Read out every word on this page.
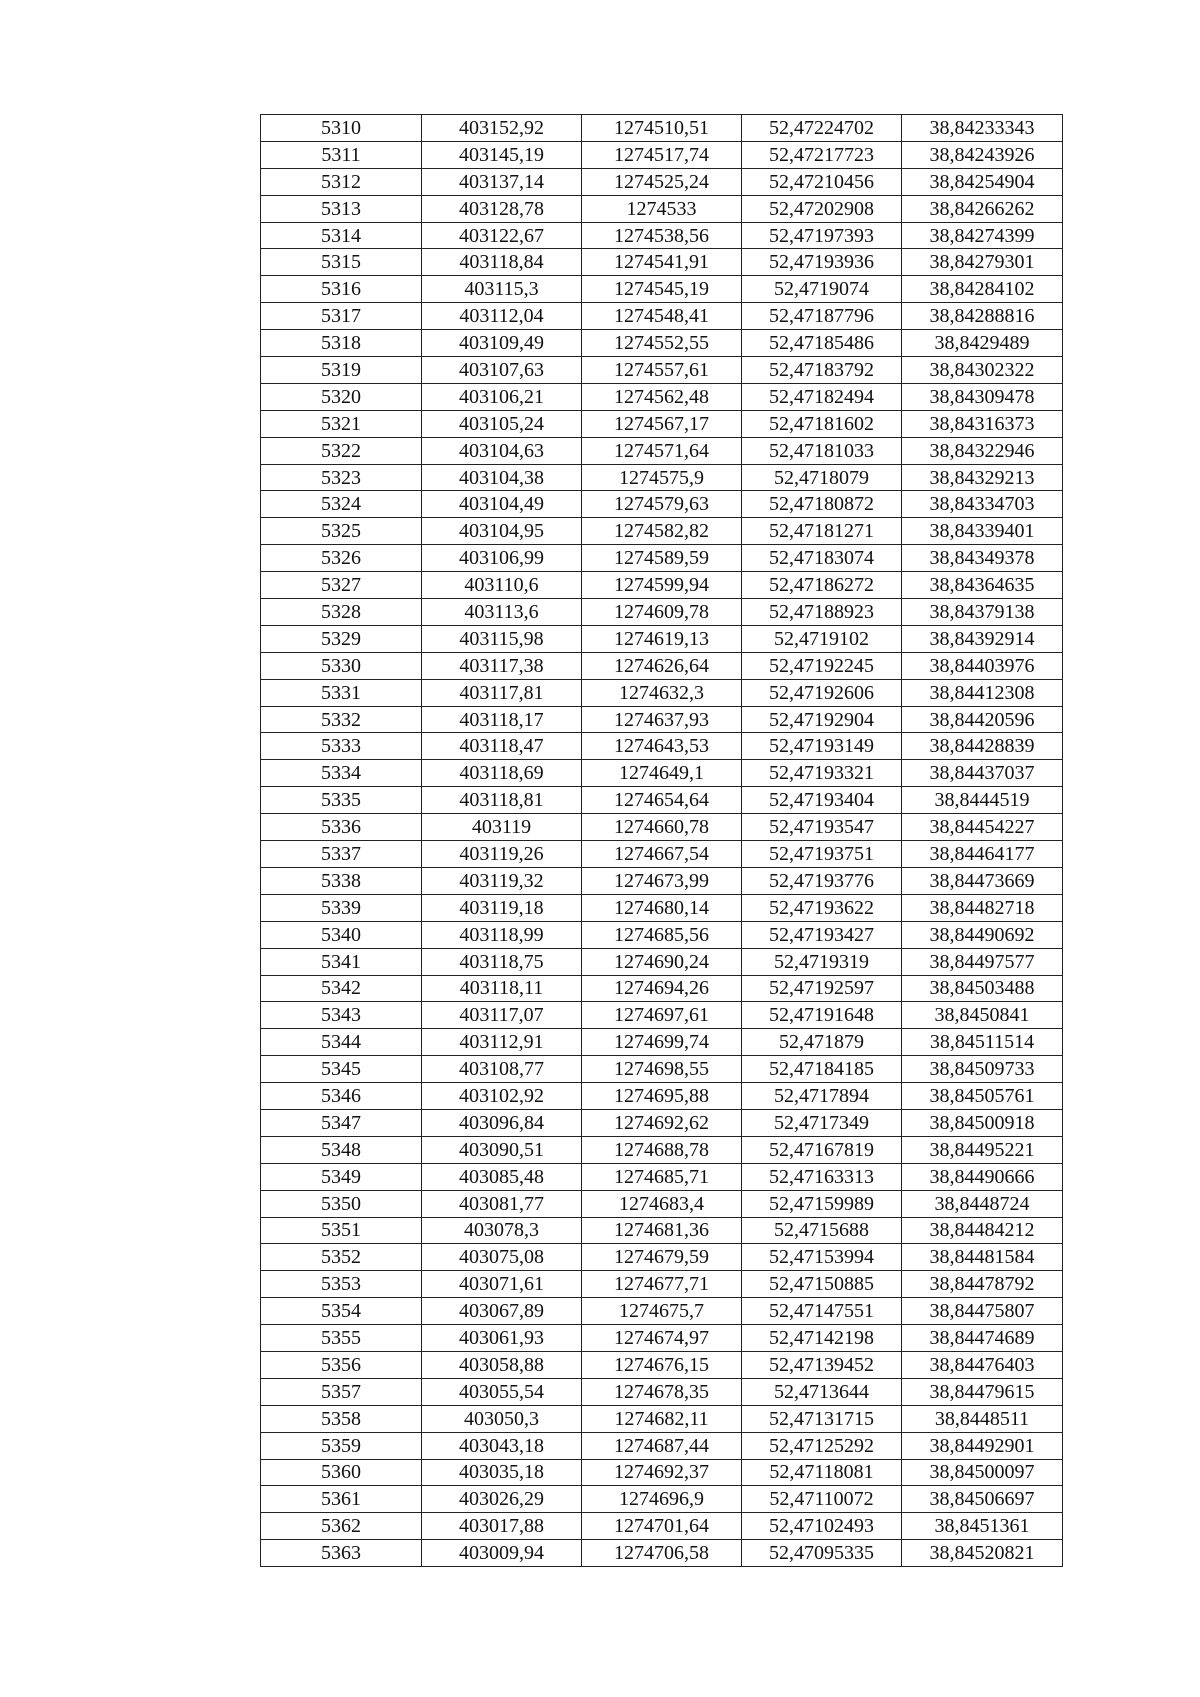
5310	403152,92	1274510,51	52,47224702	38,84233343
5311	403145,19	1274517,74	52,47217723	38,84243926
5312	403137,14	1274525,24	52,47210456	38,84254904
5313	403128,78	1274533	52,47202908	38,84266262
5314	403122,67	1274538,56	52,47197393	38,84274399
5315	403118,84	1274541,91	52,47193936	38,84279301
5316	403115,3	1274545,19	52,4719074	38,84284102
5317	403112,04	1274548,41	52,47187796	38,84288816
5318	403109,49	1274552,55	52,47185486	38,8429489
5319	403107,63	1274557,61	52,47183792	38,84302322
5320	403106,21	1274562,48	52,47182494	38,84309478
5321	403105,24	1274567,17	52,47181602	38,84316373
5322	403104,63	1274571,64	52,47181033	38,84322946
5323	403104,38	1274575,9	52,4718079	38,84329213
5324	403104,49	1274579,63	52,47180872	38,84334703
5325	403104,95	1274582,82	52,47181271	38,84339401
5326	403106,99	1274589,59	52,47183074	38,84349378
5327	403110,6	1274599,94	52,47186272	38,84364635
5328	403113,6	1274609,78	52,47188923	38,84379138
5329	403115,98	1274619,13	52,4719102	38,84392914
5330	403117,38	1274626,64	52,47192245	38,84403976
5331	403117,81	1274632,3	52,47192606	38,84412308
5332	403118,17	1274637,93	52,47192904	38,84420596
5333	403118,47	1274643,53	52,47193149	38,84428839
5334	403118,69	1274649,1	52,47193321	38,84437037
5335	403118,81	1274654,64	52,47193404	38,8444519
5336	403119	1274660,78	52,47193547	38,84454227
5337	403119,26	1274667,54	52,47193751	38,84464177
5338	403119,32	1274673,99	52,47193776	38,84473669
5339	403119,18	1274680,14	52,47193622	38,84482718
5340	403118,99	1274685,56	52,47193427	38,84490692
5341	403118,75	1274690,24	52,4719319	38,84497577
5342	403118,11	1274694,26	52,47192597	38,84503488
5343	403117,07	1274697,61	52,47191648	38,8450841
5344	403112,91	1274699,74	52,471879	38,84511514
5345	403108,77	1274698,55	52,47184185	38,84509733
5346	403102,92	1274695,88	52,4717894	38,84505761
5347	403096,84	1274692,62	52,4717349	38,84500918
5348	403090,51	1274688,78	52,47167819	38,84495221
5349	403085,48	1274685,71	52,47163313	38,84490666
5350	403081,77	1274683,4	52,47159989	38,8448724
5351	403078,3	1274681,36	52,4715688	38,84484212
5352	403075,08	1274679,59	52,47153994	38,84481584
5353	403071,61	1274677,71	52,47150885	38,84478792
5354	403067,89	1274675,7	52,47147551	38,84475807
5355	403061,93	1274674,97	52,47142198	38,84474689
5356	403058,88	1274676,15	52,47139452	38,84476403
5357	403055,54	1274678,35	52,4713644	38,84479615
5358	403050,3	1274682,11	52,47131715	38,8448511
5359	403043,18	1274687,44	52,47125292	38,84492901
5360	403035,18	1274692,37	52,47118081	38,84500097
5361	403026,29	1274696,9	52,47110072	38,84506697
5362	403017,88	1274701,64	52,47102493	38,8451361
5363	403009,94	1274706,58	52,47095335	38,84520821
